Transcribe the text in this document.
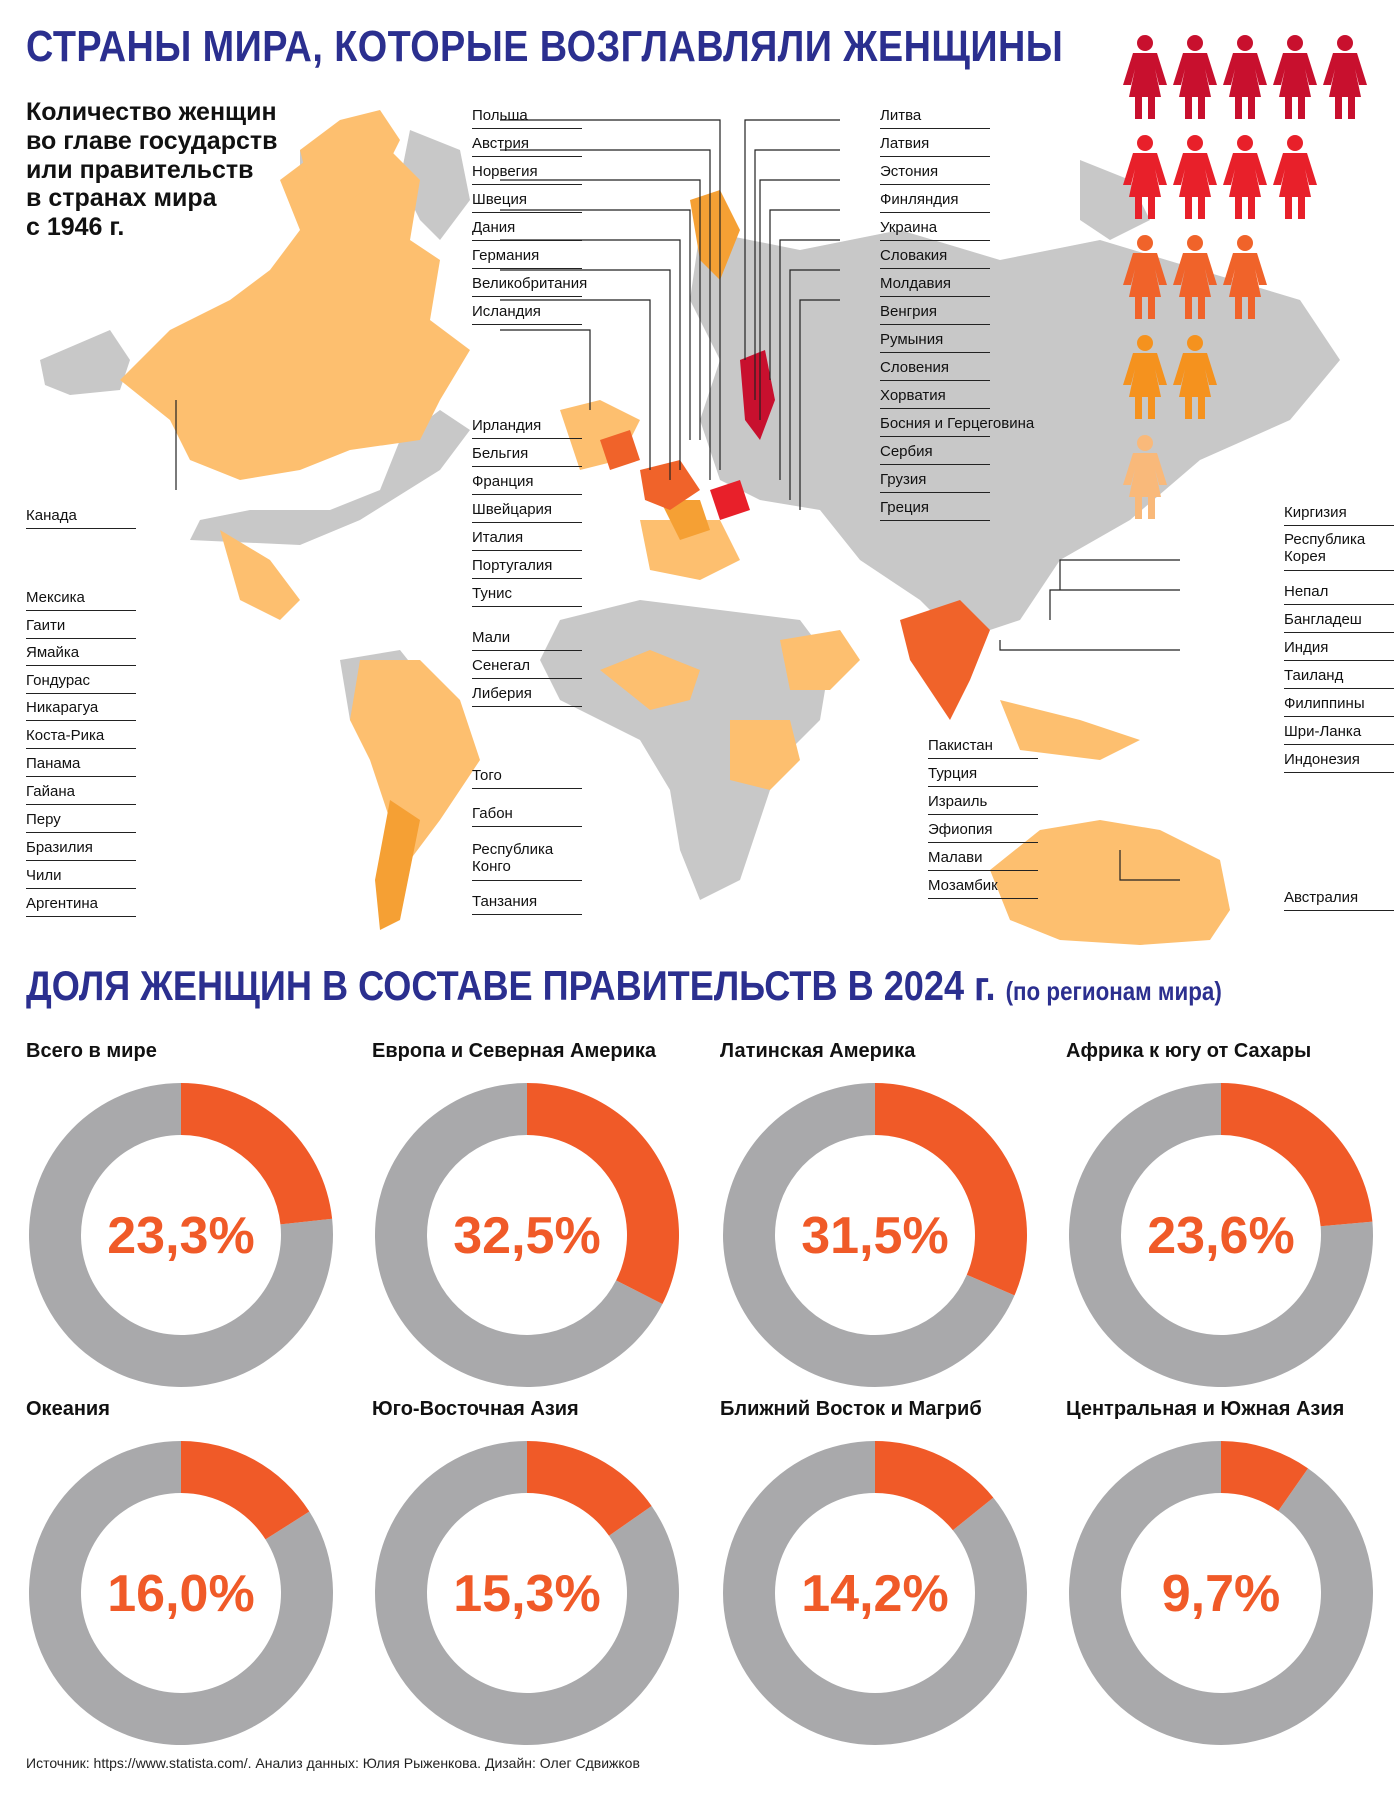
СТРАНЫ МИРА, КОТОРЫЕ ВОЗГЛАВЛЯЛИ ЖЕНЩИНЫ
Количество женщин
во главе государств
или правительств
в странах мира
с 1946 г.
Канада
Мексика
Гаити
Ямайка
Гондурас
Никарагуа
Коста-Рика
Панама
Гайана
Перу
Бразилия
Чили
Аргентина
Польша
Австрия
Норвегия
Швеция
Дания
Германия
Великобритания
Исландия
Ирландия
Бельгия
Франция
Швейцария
Италия
Португалия
Тунис
Мали
Сенегал
Либерия
Того
Габон
Республика
Конго
Танзания
Литва
Латвия
Эстония
Финляндия
Украина
Словакия
Молдавия
Венгрия
Румыния
Словения
Хорватия
Босния и Герцеговина
Сербия
Грузия
Греция
Пакистан
Турция
Израиль
Эфиопия
Малави
Мозамбик
Киргизия
Республика
Корея
Непал
Бангладеш
Индия
Таиланд
Филиппины
Шри-Ланка
Индонезия
Австралия
ДОЛЯ ЖЕНЩИН В СОСТАВЕ ПРАВИТЕЛЬСТВ В 2024 г. (по регионам мира)
Всего в мире
23,3%
Европа и Северная Америка
32,5%
Латинская Америка
31,5%
Африка к югу от Сахары
23,6%
Океания
16,0%
Юго-Восточная Азия
15,3%
Ближний Восток и Магриб
14,2%
Центральная и Южная Азия
9,7%
Источник: https://www.statista.com/. Анализ данных: Юлия Рыженкова. Дизайн: Олег Сдвижков
